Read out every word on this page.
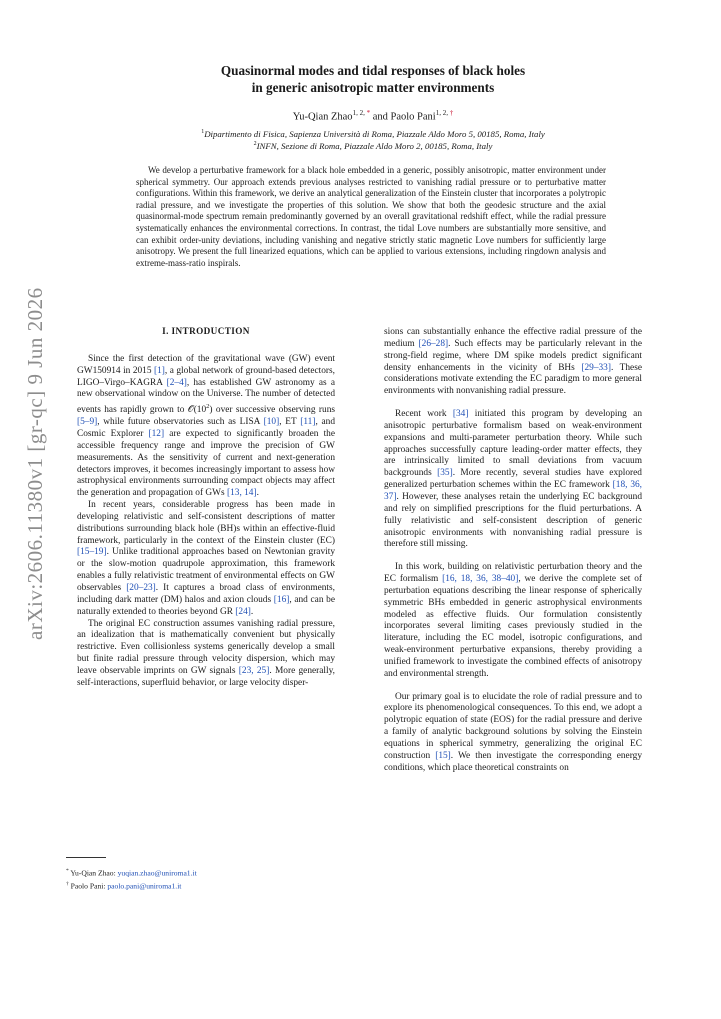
arXiv:2606.11380v1 [gr-qc] 9 Jun 2026
Quasinormal modes and tidal responses of black holes
in generic anisotropic matter environments
Yu-Qian Zhao$^{1, 2, *}$ and Paolo Pani$^{1, 2, \dagger}$
$^1$Dipartimento di Fisica, Sapienza Università di Roma, Piazzale Aldo Moro 5, 00185, Roma, Italy
$^2$INFN, Sezione di Roma, Piazzale Aldo Moro 2, 00185, Roma, Italy

We develop a perturbative framework for a black hole embedded in a generic, possibly anisotropic, matter environment under spherical symmetry. Our approach extends previous analyses restricted to vanishing radial pressure or to perturbative matter configurations. Within this framework, we derive an analytical generalization of the Einstein cluster that incorporates a polytropic radial pressure, and we investigate the properties of this solution. We show that both the geodesic structure and the axial quasinormal-mode spectrum remain predominantly governed by an overall gravitational redshift effect, while the radial pressure systematically enhances the environmental corrections. In contrast, the tidal Love numbers are substantially more sensitive, and can exhibit order-unity deviations, including vanishing and negative strictly static magnetic Love numbers for sufficiently large anisotropy. We present the full linearized equations, which can be applied to various extensions, including ringdown analysis and extreme-mass-ratio inspirals.

I. INTRODUCTION

Since the first detection of the gravitational wave (GW) event GW150914 in 2015 [1], a global network of ground-based detectors, LIGO–Virgo–KAGRA [2–4], has established GW astronomy as a new observational window on the Universe. The number of detected events has rapidly grown to $𝒪(10^2)$ over successive observing runs [5–9], while future observatories such as LISA [10], ET [11], and Cosmic Explorer [12] are expected to significantly broaden the accessible frequency range and improve the precision of GW measurements. As the sensitivity of current and next-generation detectors improves, it becomes increasingly important to assess how astrophysical environments surrounding compact objects may affect the generation and propagation of GWs [13, 14].

In recent years, considerable progress has been made in developing relativistic and self-consistent descriptions of matter distributions surrounding black hole (BH)s within an effective-fluid framework, particularly in the context of the Einstein cluster (EC) [15–19]. Unlike traditional approaches based on Newtonian gravity or the slow-motion quadrupole approximation, this framework enables a fully relativistic treatment of environmental effects on GW observables [20–23]. It captures a broad class of environments, including dark matter (DM) halos and axion clouds [16], and can be naturally extended to theories beyond GR [24].

The original EC construction assumes vanishing radial pressure, an idealization that is mathematically convenient but physically restrictive. Even collisionless systems generically develop a small but finite radial pressure through velocity dispersion, which may leave observable imprints on GW signals [23, 25]. More generally, self-interactions, superfluid behavior, or large velocity disper-

sions can substantially enhance the effective radial pressure of the medium [26–28]. Such effects may be particularly relevant in the strong-field regime, where DM spike models predict significant density enhancements in the vicinity of BHs [29–33]. These considerations motivate extending the EC paradigm to more general environments with nonvanishing radial pressure.

Recent work [34] initiated this program by developing an anisotropic perturbative formalism based on weak-environment expansions and multi-parameter perturbation theory. While such approaches successfully capture leading-order matter effects, they are intrinsically limited to small deviations from vacuum backgrounds [35]. More recently, several studies have explored generalized perturbation schemes within the EC framework [18, 36, 37]. However, these analyses retain the underlying EC background and rely on simplified prescriptions for the fluid perturbations. A fully relativistic and self-consistent description of generic anisotropic environments with nonvanishing radial pressure is therefore still missing.

In this work, building on relativistic perturbation theory and the EC formalism [16, 18, 36, 38–40], we derive the complete set of perturbation equations describing the linear response of spherically symmetric BHs embedded in generic astrophysical environments modeled as effective fluids. Our formulation consistently incorporates several limiting cases previously studied in the literature, including the EC model, isotropic configurations, and weak-environment perturbative expansions, thereby providing a unified framework to investigate the combined effects of anisotropy and environmental strength.

Our primary goal is to elucidate the role of radial pressure and to explore its phenomenological consequences. To this end, we adopt a polytropic equation of state (EOS) for the radial pressure and derive a family of analytic background solutions by solving the Einstein equations in spherical symmetry, generalizing the original EC construction [15]. We then investigate the corresponding energy conditions, which place theoretical constraints on

* Yu-Qian Zhao: yuqian.zhao@uniroma1.it
† Paolo Pani: paolo.pani@uniroma1.it
